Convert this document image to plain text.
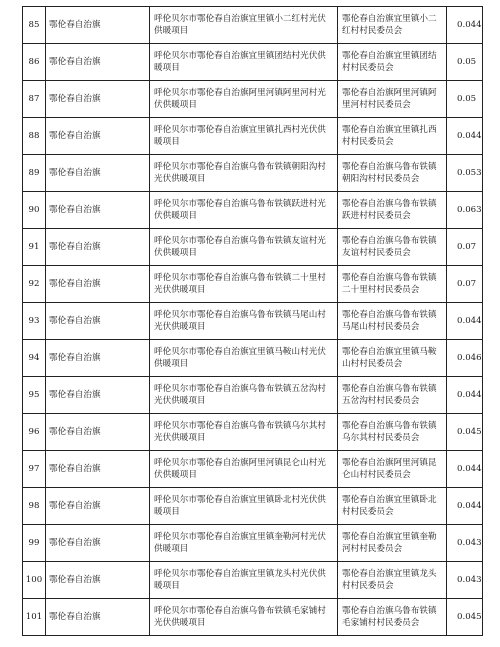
85	鄂伦春自治旗	呼伦贝尔市鄂伦春自治旗宜里镇小二红村光伏供暖项目	鄂伦春自治旗宜里镇小二红村村民委员会	0.044
86	鄂伦春自治旗	呼伦贝尔市鄂伦春自治旗宜里镇团结村光伏供暖项目	鄂伦春自治旗宜里镇团结村村民委员会	0.05
87	鄂伦春自治旗	呼伦贝尔市鄂伦春自治旗阿里河镇阿里河村光伏供暖项目	鄂伦春自治旗阿里河镇阿里河村村民委员会	0.05
88	鄂伦春自治旗	呼伦贝尔市鄂伦春自治旗宜里镇扎西村光伏供暖项目	鄂伦春自治旗宜里镇扎西村村民委员会	0.044
89	鄂伦春自治旗	呼伦贝尔市鄂伦春自治旗乌鲁布铁镇朝阳沟村光伏供暖项目	鄂伦春自治旗乌鲁布铁镇朝阳沟村村民委员会	0.053
90	鄂伦春自治旗	呼伦贝尔市鄂伦春自治旗乌鲁布铁镇跃进村光伏供暖项目	鄂伦春自治旗乌鲁布铁镇跃进村村民委员会	0.063
91	鄂伦春自治旗	呼伦贝尔市鄂伦春自治旗乌鲁布铁镇友谊村光伏供暖项目	鄂伦春自治旗乌鲁布铁镇友谊村村民委员会	0.07
92	鄂伦春自治旗	呼伦贝尔市鄂伦春自治旗乌鲁布铁镇二十里村光伏供暖项目	鄂伦春自治旗乌鲁布铁镇二十里村村民委员会	0.07
93	鄂伦春自治旗	呼伦贝尔市鄂伦春自治旗乌鲁布铁镇马尾山村光伏供暖项目	鄂伦春自治旗乌鲁布铁镇马尾山村村民委员会	0.044
94	鄂伦春自治旗	呼伦贝尔市鄂伦春自治旗宜里镇马鞍山村光伏供暖项目	鄂伦春自治旗宜里镇马鞍山村村民委员会	0.046
95	鄂伦春自治旗	呼伦贝尔市鄂伦春自治旗乌鲁布铁镇五岔沟村光伏供暖项目	鄂伦春自治旗乌鲁布铁镇五岔沟村村民委员会	0.044
96	鄂伦春自治旗	呼伦贝尔市鄂伦春自治旗乌鲁布铁镇乌尔其村光伏供暖项目	鄂伦春自治旗乌鲁布铁镇乌尔其村村民委员会	0.045
97	鄂伦春自治旗	呼伦贝尔市鄂伦春自治旗阿里河镇昆仑山村光伏供暖项目	鄂伦春自治旗阿里河镇昆仑山村村民委员会	0.044
98	鄂伦春自治旗	呼伦贝尔市鄂伦春自治旗宜里镇卧北村光伏供暖项目	鄂伦春自治旗宜里镇卧北村村民委员会	0.044
99	鄂伦春自治旗	呼伦贝尔市鄂伦春自治旗宜里镇奎勒河村光伏供暖项目	鄂伦春自治旗宜里镇奎勒河村村民委员会	0.043
100	鄂伦春自治旗	呼伦贝尔市鄂伦春自治旗宜里镇龙头村光伏供暖项目	鄂伦春自治旗宜里镇龙头村村民委员会	0.043
101	鄂伦春自治旗	呼伦贝尔市鄂伦春自治旗乌鲁布铁镇毛家铺村光伏供暖项目	鄂伦春自治旗乌鲁布铁镇毛家铺村村民委员会	0.045
